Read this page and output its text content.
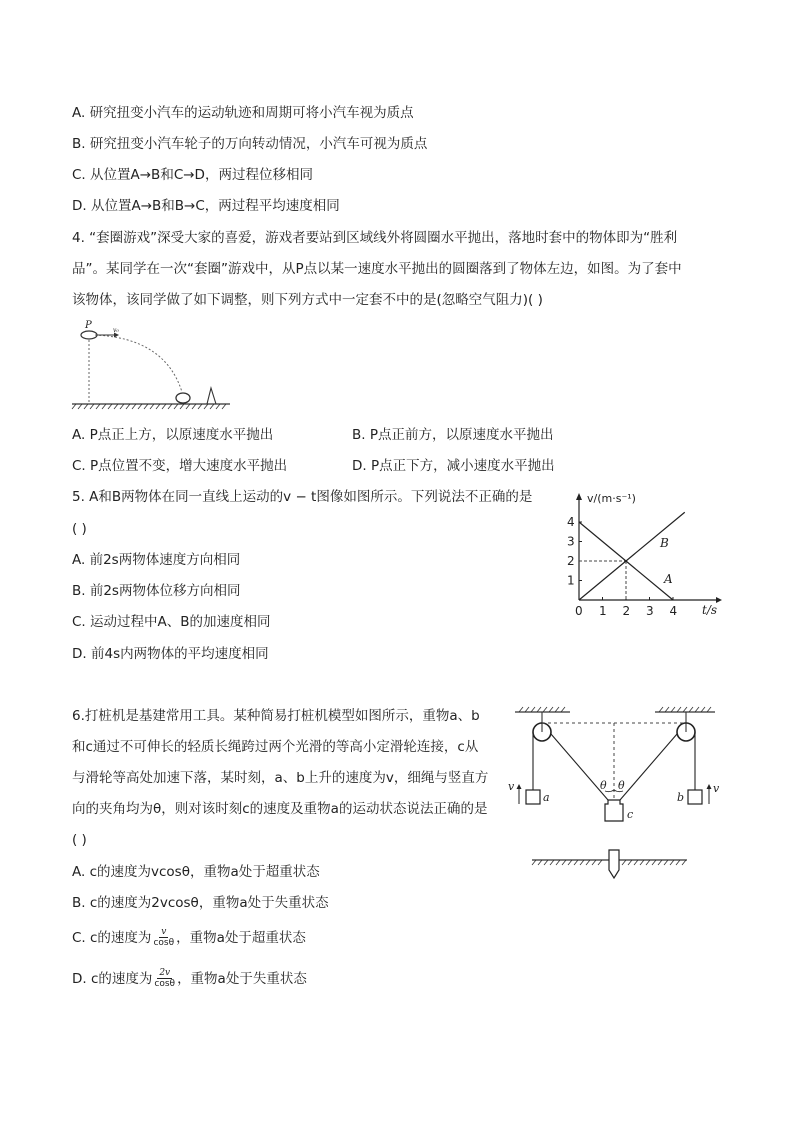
A. 研究扭变小汽车的运动轨迹和周期可将小汽车视为质点
B. 研究扭变小汽车轮子的万向转动情况，小汽车可视为质点
C. 从位置A→B和C→D，两过程位移相同
D. 从位置A→B和B→C，两过程平均速度相同
4. “套圈游戏”深受大家的喜爱，游戏者要站到区域线外将圆圈水平抛出，落地时套中的物体即为“胜利
品”。某同学在一次“套圈”游戏中，从P点以某一速度水平抛出的圆圈落到了物体左边，如图。为了套中
该物体，该同学做了如下调整，则下列方式中一定套不中的是(忽略空气阻力)( )
P	v₀
A. P点正上方，以原速度水平抛出	B. P点正前方，以原速度水平抛出
C. P点位置不变，增大速度水平抛出	D. P点正下方，减小速度水平抛出
5. A和B两物体在同一直线上运动的v − t图像如图所示。下列说法不正确的是
( )
A. 前2s两物体速度方向相同
B. 前2s两物体位移方向相同
C. 运动过程中A、B的加速度相同
D. 前4s内两物体的平均速度相同
1 2 3 4
1
2
3
4
v/(m·s⁻¹)
t/s
0
B
A
6.打桩机是基建常用工具。某种简易打桩机模型如图所示，重物a、b
和c通过不可伸长的轻质长绳跨过两个光滑的等高小定滑轮连接，c从
与滑轮等高处加速下落，某时刻，a、b上升的速度为v，细绳与竖直方
向的夹角均为θ，则对该时刻c的速度及重物a的运动状态说法正确的是
( )
A. c的速度为vcosθ，重物a处于超重状态
B. c的速度为2vcosθ，重物a处于失重状态
C. c的速度为 $\frac{v}{\cos\theta}$ ，重物a处于超重状态
D. c的速度为 $\frac{2v}{\cos\theta}$ ，重物a处于失重状态
v
a
θ θ
c
b
v
